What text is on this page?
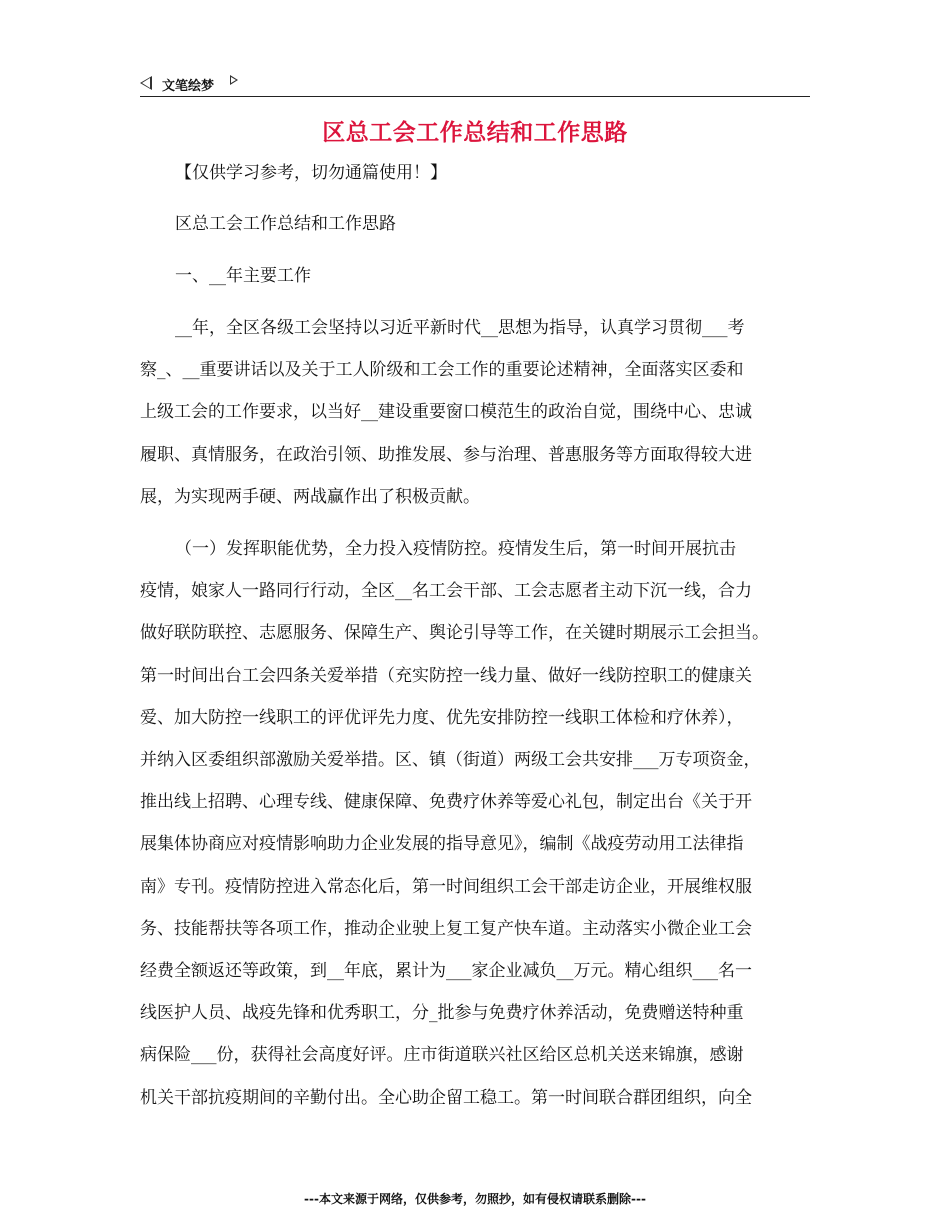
文笔绘梦
区总工会工作总结和工作思路
【仅供学习参考，切勿通篇使用！】
区总工会工作总结和工作思路
一、__年主要工作
__年，全区各级工会坚持以习近平新时代__思想为指导，认真学习贯彻___考
察_、__重要讲话以及关于工人阶级和工会工作的重要论述精神，全面落实区委和
上级工会的工作要求，以当好__建设重要窗口模范生的政治自觉，围绕中心、忠诚
履职、真情服务，在政治引领、助推发展、参与治理、普惠服务等方面取得较大进
展，为实现两手硬、两战赢作出了积极贡献。
（一）发挥职能优势，全力投入疫情防控。疫情发生后，第一时间开展抗击
疫情，娘家人一路同行行动，全区__名工会干部、工会志愿者主动下沉一线，合力
做好联防联控、志愿服务、保障生产、舆论引导等工作，在关键时期展示工会担当。
第一时间出台工会四条关爱举措（充实防控一线力量、做好一线防控职工的健康关
爱、加大防控一线职工的评优评先力度、优先安排防控一线职工体检和疗休养），
并纳入区委组织部激励关爱举措。区、镇（街道）两级工会共安排___万专项资金，
推出线上招聘、心理专线、健康保障、免费疗休养等爱心礼包，制定出台《关于开
展集体协商应对疫情影响助力企业发展的指导意见》，编制《战疫劳动用工法律指
南》专刊。疫情防控进入常态化后，第一时间组织工会干部走访企业，开展维权服
务、技能帮扶等各项工作，推动企业驶上复工复产快车道。主动落实小微企业工会
经费全额返还等政策，到__年底，累计为___家企业减负__万元。精心组织___名一
线医护人员、战疫先锋和优秀职工，分_批参与免费疗休养活动，免费赠送特种重
病保险___份，获得社会高度好评。庄市街道联兴社区给区总机关送来锦旗，感谢
机关干部抗疫期间的辛勤付出。全心助企留工稳工。第一时间联合群团组织，向全
---本文来源于网络，仅供参考，勿照抄，如有侵权请联系删除---
